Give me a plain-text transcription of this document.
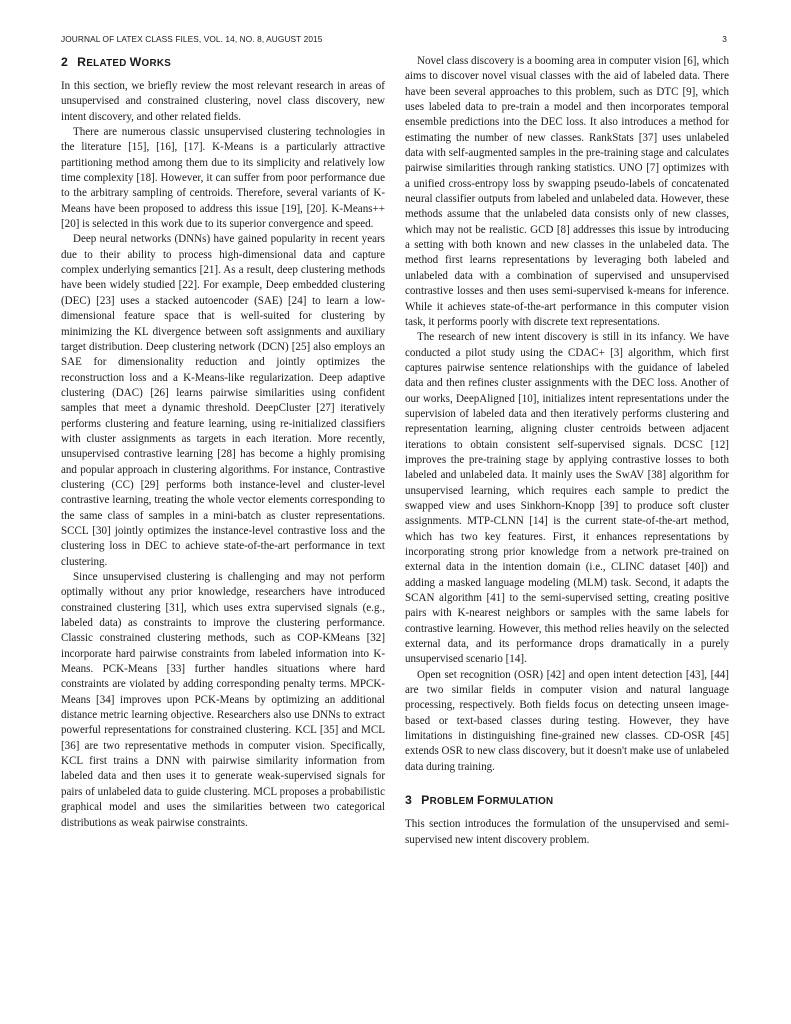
JOURNAL OF LATEX CLASS FILES, VOL. 14, NO. 8, AUGUST 2015	3
2 RELATED WORKS

In this section, we briefly review the most relevant research in areas of unsupervised and constrained clustering, novel class discovery, new intent discovery, and other related fields.

There are numerous classic unsupervised clustering technologies in the literature [15], [16], [17]. K-Means is a particularly attractive partitioning method among them due to its simplicity and relatively low time complexity [18]. However, it can suffer from poor performance due to the arbitrary sampling of centroids. Therefore, several variants of K-Means have been proposed to address this issue [19], [20]. K-Means++ [20] is selected in this work due to its superior convergence and speed.

Deep neural networks (DNNs) have gained popularity in recent years due to their ability to process high-dimensional data and capture complex underlying semantics [21]. As a result, deep clustering methods have been widely studied [22]. For example, Deep embedded clustering (DEC) [23] uses a stacked autoencoder (SAE) [24] to learn a low-dimensional feature space that is well-suited for clustering by minimizing the KL divergence between soft assignments and auxiliary target distribution. Deep clustering network (DCN) [25] also employs an SAE for dimensionality reduction and jointly optimizes the reconstruction loss and a K-Means-like regularization. Deep adaptive clustering (DAC) [26] learns pairwise similarities using confident samples that meet a dynamic threshold. DeepCluster [27] iteratively performs clustering and feature learning, using re-initialized classifiers with cluster assignments as targets in each iteration. More recently, unsupervised contrastive learning [28] has become a highly promising and popular approach in clustering algorithms. For instance, Contrastive clustering (CC) [29] performs both instance-level and cluster-level contrastive learning, treating the whole vector elements corresponding to the same class of samples in a mini-batch as cluster representations. SCCL [30] jointly optimizes the instance-level contrastive loss and the clustering loss in DEC to achieve state-of-the-art performance in text clustering.

Since unsupervised clustering is challenging and may not perform optimally without any prior knowledge, researchers have introduced constrained clustering [31], which uses extra supervised signals (e.g., labeled data) as constraints to improve the clustering performance. Classic constrained clustering methods, such as COP-KMeans [32] incorporate hard pairwise constraints from labeled information into K-Means. PCK-Means [33] further handles situations where hard constraints are violated by adding corresponding penalty terms. MPCK-Means [34] improves upon PCK-Means by optimizing an additional distance metric learning objective. Researchers also use DNNs to extract powerful representations for constrained clustering. KCL [35] and MCL [36] are two representative methods in computer vision. Specifically, KCL first trains a DNN with pairwise similarity information from labeled data and then uses it to generate weak-supervised signals for pairs of unlabeled data to guide clustering. MCL proposes a probabilistic graphical model and uses the similarities between two categorical distributions as weak pairwise constraints.

Novel class discovery is a booming area in computer vision [6], which aims to discover novel visual classes with the aid of labeled data. There have been several approaches to this problem, such as DTC [9], which uses labeled data to pre-train a model and then incorporates temporal ensemble predictions into the DEC loss. It also introduces a method for estimating the number of new classes. RankStats [37] uses unlabeled data with self-augmented samples in the pre-training stage and calculates pairwise similarities through ranking statistics. UNO [7] optimizes with a unified cross-entropy loss by swapping pseudo-labels of concatenated neural classifier outputs from labeled and unlabeled data. However, these methods assume that the unlabeled data consists only of new classes, which may not be realistic. GCD [8] addresses this issue by introducing a setting with both known and new classes in the unlabeled data. The method first learns representations by leveraging both labeled and unlabeled data with a combination of supervised and unsupervised contrastive losses and then uses semi-supervised k-means for inference. While it achieves state-of-the-art performance in this computer vision task, it performs poorly with discrete text representations.

The research of new intent discovery is still in its infancy. We have conducted a pilot study using the CDAC+ [3] algorithm, which first captures pairwise sentence relationships with the guidance of labeled data and then refines cluster assignments with the DEC loss. Another of our works, DeepAligned [10], initializes intent representations under the supervision of labeled data and then iteratively performs clustering and representation learning, aligning cluster centroids between adjacent iterations to obtain consistent self-supervised signals. DCSC [12] improves the pre-training stage by applying contrastive losses to both labeled and unlabeled data. It mainly uses the SwAV [38] algorithm for unsupervised learning, which requires each sample to predict the swapped view and uses Sinkhorn-Knopp [39] to produce soft cluster assignments. MTP-CLNN [14] is the current state-of-the-art method, which has two key features. First, it enhances representations by incorporating strong prior knowledge from a network pre-trained on external data in the intention domain (i.e., CLINC dataset [40]) and adding a masked language modeling (MLM) task. Second, it adapts the SCAN algorithm [41] to the semi-supervised setting, creating positive pairs with K-nearest neighbors or samples with the same labels for contrastive learning. However, this method relies heavily on the selected external data, and its performance drops dramatically in a purely unsupervised scenario [14].

Open set recognition (OSR) [42] and open intent detection [43], [44] are two similar fields in computer vision and natural language processing, respectively. Both fields focus on detecting unseen image-based or text-based classes during testing. However, they have limitations in distinguishing fine-grained new classes. CD-OSR [45] extends OSR to new class discovery, but it doesn't make use of unlabeled data during training.

3 PROBLEM FORMULATION

This section introduces the formulation of the unsupervised and semi-supervised new intent discovery problem.
